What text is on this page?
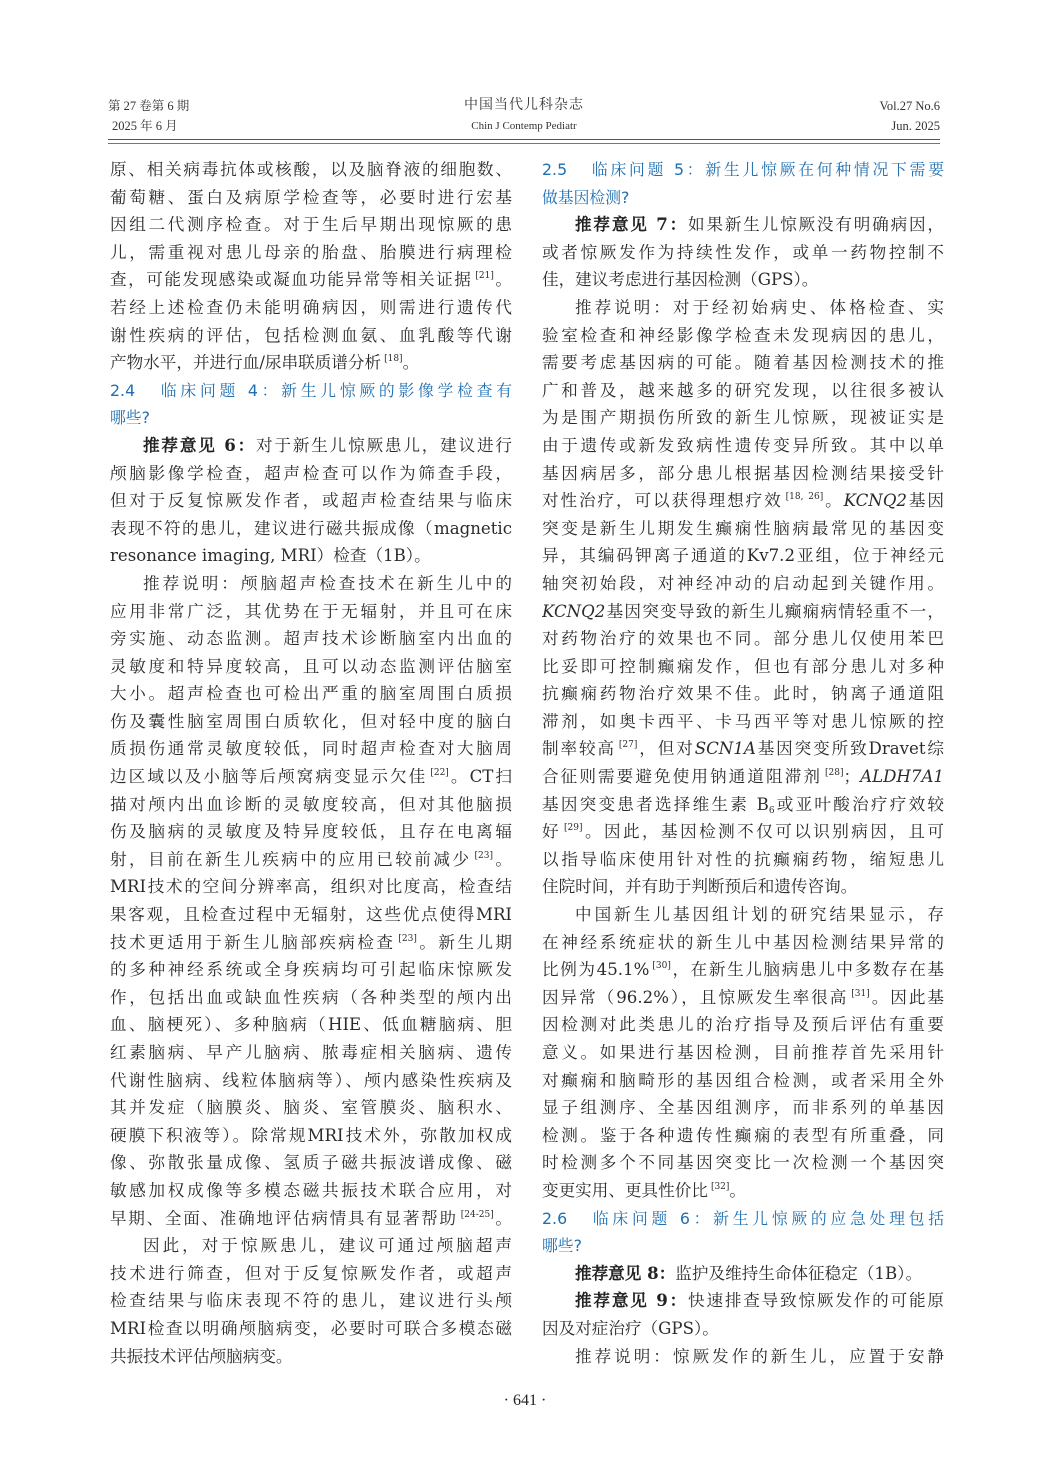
第 27 卷第 6 期
2025 年 6 月
中国当代儿科杂志
Chin J Contemp Pediatr
Vol.27 No.6
Jun. 2025
原、相关病毒抗体或核酸，以及脑脊液的细胞数、
葡萄糖、蛋白及病原学检查等，必要时进行宏基
因组二代测序检查。对于生后早期出现惊厥的患
儿，需重视对患儿母亲的胎盘、胎膜进行病理检
查，可能发现感染或凝血功能异常等相关证据 [21]。
若经上述检查仍未能明确病因，则需进行遗传代
谢性疾病的评估，包括检测血氨、血乳酸等代谢
产物水平，并进行血/尿串联质谱分析 [18]。
2.4 临床问题 4：新生儿惊厥的影像学检查有
哪些?
推荐意见 6：对于新生儿惊厥患儿，建议进行
颅脑影像学检查，超声检查可以作为筛查手段，
但对于反复惊厥发作者，或超声检查结果与临床
表现不符的患儿，建议进行磁共振成像（magnetic
resonance imaging, MRI）检查（1B）。
推荐说明：颅脑超声检查技术在新生儿中的
应用非常广泛，其优势在于无辐射，并且可在床
旁实施、动态监测。超声技术诊断脑室内出血的
灵敏度和特异度较高，且可以动态监测评估脑室
大小。超声检查也可检出严重的脑室周围白质损
伤及囊性脑室周围白质软化，但对轻中度的脑白
质损伤通常灵敏度较低，同时超声检查对大脑周
边区域以及小脑等后颅窝病变显示欠佳 [22]。CT扫
描对颅内出血诊断的灵敏度较高，但对其他脑损
伤及脑病的灵敏度及特异度较低，且存在电离辐
射，目前在新生儿疾病中的应用已较前减少 [23]。
MRI技术的空间分辨率高，组织对比度高，检查结
果客观，且检查过程中无辐射，这些优点使得MRI
技术更适用于新生儿脑部疾病检查 [23]。新生儿期
的多种神经系统或全身疾病均可引起临床惊厥发
作，包括出血或缺血性疾病（各种类型的颅内出
血、脑梗死）、多种脑病（HIE、低血糖脑病、胆
红素脑病、早产儿脑病、脓毒症相关脑病、遗传
代谢性脑病、线粒体脑病等）、颅内感染性疾病及
其并发症（脑膜炎、脑炎、室管膜炎、脑积水、
硬膜下积液等）。除常规MRI技术外，弥散加权成
像、弥散张量成像、氢质子磁共振波谱成像、磁
敏感加权成像等多模态磁共振技术联合应用，对
早期、全面、准确地评估病情具有显著帮助 [24-25]。
因此，对于惊厥患儿，建议可通过颅脑超声
技术进行筛查，但对于反复惊厥发作者，或超声
检查结果与临床表现不符的患儿，建议进行头颅
MRI检查以明确颅脑病变，必要时可联合多模态磁
共振技术评估颅脑病变。
2.5 临床问题 5：新生儿惊厥在何种情况下需要
做基因检测?
推荐意见 7：如果新生儿惊厥没有明确病因，
或者惊厥发作为持续性发作，或单一药物控制不
佳，建议考虑进行基因检测（GPS）。
推荐说明：对于经初始病史、体格检查、实
验室检查和神经影像学检查未发现病因的患儿，
需要考虑基因病的可能。随着基因检测技术的推
广和普及，越来越多的研究发现，以往很多被认
为是围产期损伤所致的新生儿惊厥，现被证实是
由于遗传或新发致病性遗传变异所致。其中以单
基因病居多，部分患儿根据基因检测结果接受针
对性治疗，可以获得理想疗效 [18, 26]。KCNQ2基因
突变是新生儿期发生癫痫性脑病最常见的基因变
异，其编码钾离子通道的Kv7.2亚组，位于神经元
轴突初始段，对神经冲动的启动起到关键作用。
KCNQ2基因突变导致的新生儿癫痫病情轻重不一，
对药物治疗的效果也不同。部分患儿仅使用苯巴
比妥即可控制癫痫发作，但也有部分患儿对多种
抗癫痫药物治疗效果不佳。此时，钠离子通道阻
滞剂，如奥卡西平、卡马西平等对患儿惊厥的控
制率较高 [27]，但对SCN1A基因突变所致Dravet综
合征则需要避免使用钠通道阻滞剂 [28]；ALDH7A1
基因突变患者选择维生素 $B_6$或亚叶酸治疗疗效较
好 [29]。因此，基因检测不仅可以识别病因，且可
以指导临床使用针对性的抗癫痫药物，缩短患儿
住院时间，并有助于判断预后和遗传咨询。
中国新生儿基因组计划的研究结果显示，存
在神经系统症状的新生儿中基因检测结果异常的
比例为45.1% [30]，在新生儿脑病患儿中多数存在基
因异常（96.2%），且惊厥发生率很高 [31]。因此基
因检测对此类患儿的治疗指导及预后评估有重要
意义。如果进行基因检测，目前推荐首先采用针
对癫痫和脑畸形的基因组合检测，或者采用全外
显子组测序、全基因组测序，而非系列的单基因
检测。鉴于各种遗传性癫痫的表型有所重叠，同
时检测多个不同基因突变比一次检测一个基因突
变更实用、更具性价比 [32]。
2.6 临床问题 6：新生儿惊厥的应急处理包括
哪些?
推荐意见 8：监护及维持生命体征稳定（1B）。
推荐意见 9：快速排查导致惊厥发作的可能原
因及对症治疗（GPS）。
推荐说明：惊厥发作的新生儿，应置于安静
· 641 ·
